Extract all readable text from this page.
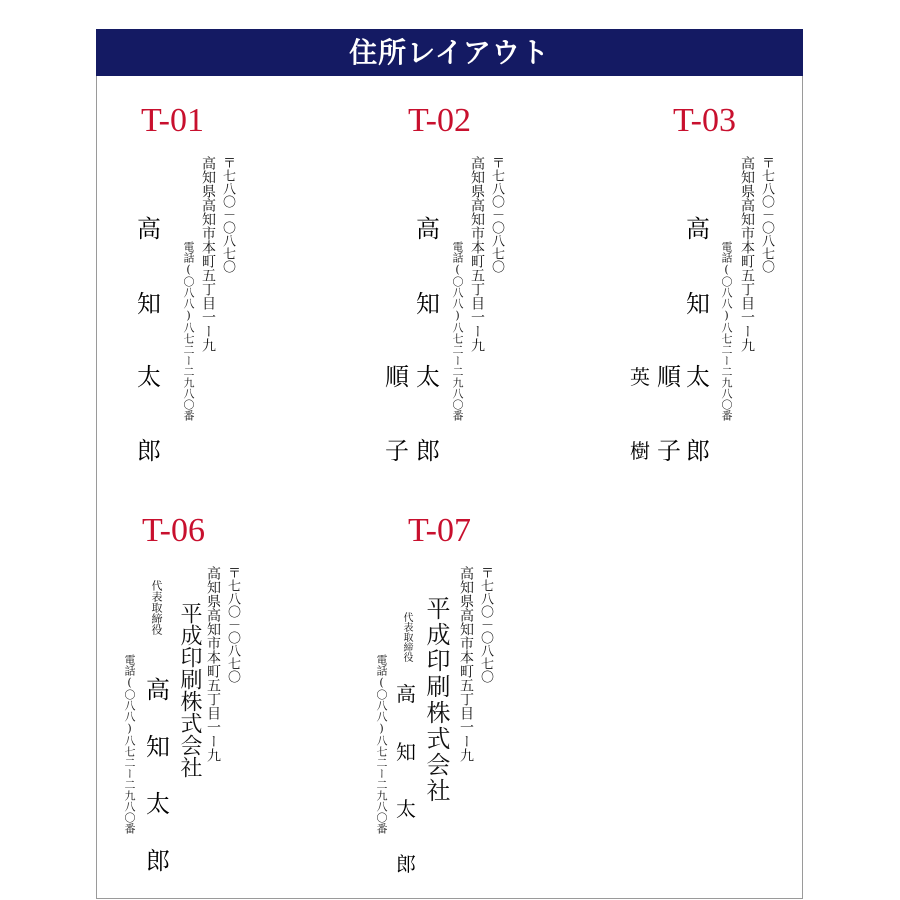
住所レイアウト
T-01
〒七八〇－〇八七〇
高知県高知市本町五丁目一ー九
電話(〇八八)八七二ー二九八〇番
高
知
太
郎
T-02
〒七八〇－〇八七〇
高知県高知市本町五丁目一ー九
電話(〇八八)八七二ー二九八〇番
高
知
太
郎
順
子
T-03
〒七八〇－〇八七〇
高知県高知市本町五丁目一ー九
電話(〇八八)八七二ー二九八〇番
高
知
太
郎
順
子
英
樹
T-06
〒七八〇－〇八七〇
高知県高知市本町五丁目一ー九
平成印刷株式会社
代表取締役
高
知
太
郎
電話(〇八八)八七二ー二九八〇番
T-07
〒七八〇－〇八七〇
高知県高知市本町五丁目一ー九
平成印刷株式会社
代表取締役
高
知
太
郎
電話(〇八八)八七二ー二九八〇番
